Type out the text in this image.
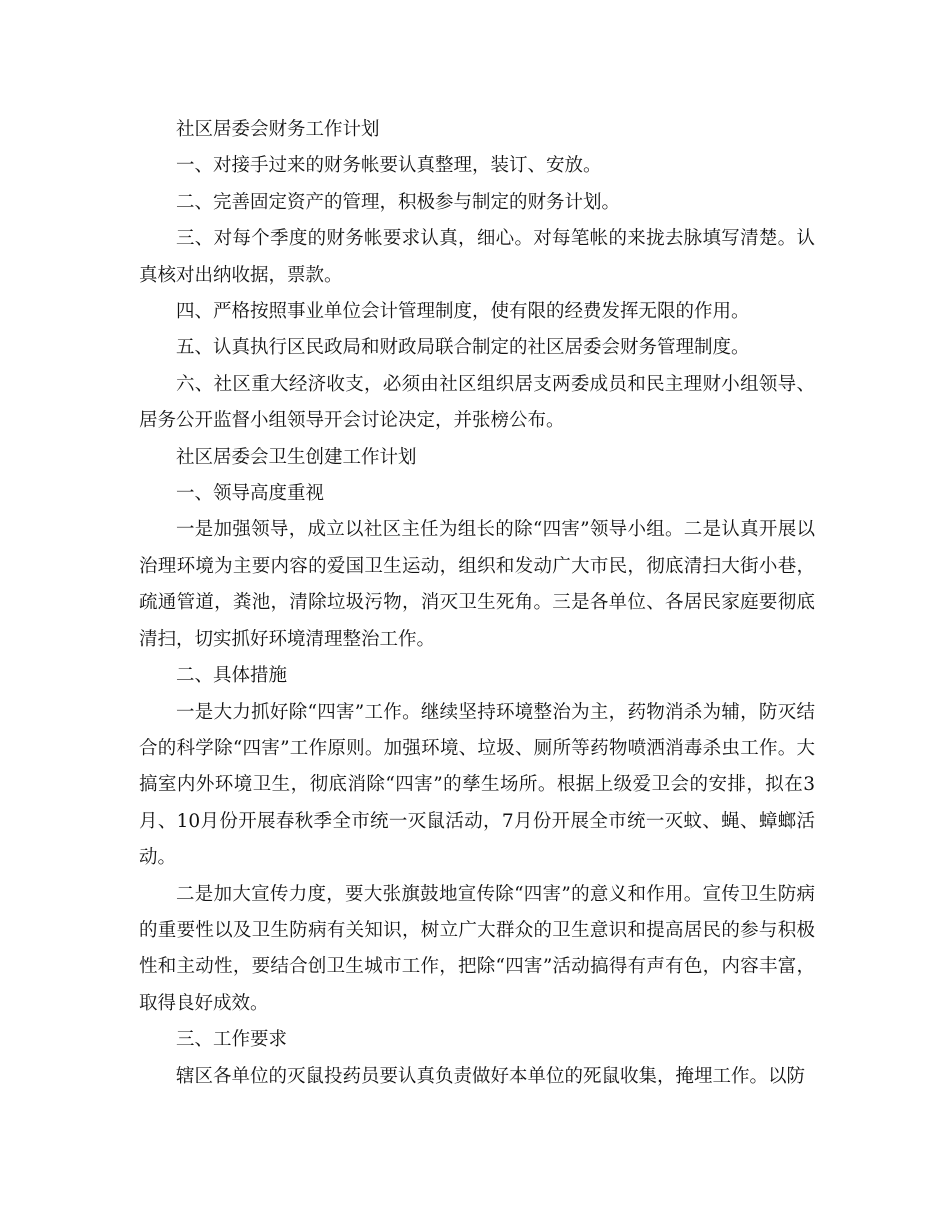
社区居委会财务工作计划

一、对接手过来的财务帐要认真整理，装订、安放。

二、完善固定资产的管理，积极参与制定的财务计划。

三、对每个季度的财务帐要求认真，细心。对每笔帐的来拢去脉填写清楚。认真核对出纳收据，票款。

四、严格按照事业单位会计管理制度，使有限的经费发挥无限的作用。

五、认真执行区民政局和财政局联合制定的社区居委会财务管理制度。

六、社区重大经济收支，必须由社区组织居支两委成员和民主理财小组领导、居务公开监督小组领导开会讨论决定，并张榜公布。

社区居委会卫生创建工作计划

一、领导高度重视

一是加强领导，成立以社区主任为组长的除“四害”领导小组。二是认真开展以治理环境为主要内容的爱国卫生运动，组织和发动广大市民，彻底清扫大街小巷，疏通管道，粪池，清除垃圾污物，消灭卫生死角。三是各单位、各居民家庭要彻底清扫，切实抓好环境清理整治工作。

二、具体措施

一是大力抓好除“四害”工作。继续坚持环境整治为主，药物消杀为辅，防灭结合的科学除“四害”工作原则。加强环境、垃圾、厕所等药物喷洒消毒杀虫工作。大搞室内外环境卫生，彻底消除“四害”的孳生场所。根据上级爱卫会的安排，拟在3月、10月份开展春秋季全市统一灭鼠活动，7月份开展全市统一灭蚊、蝇、蟑螂活动。

二是加大宣传力度，要大张旗鼓地宣传除“四害”的意义和作用。宣传卫生防病的重要性以及卫生防病有关知识，树立广大群众的卫生意识和提高居民的参与积极性和主动性，要结合创卫生城市工作，把除“四害”活动搞得有声有色，内容丰富，取得良好成效。

三、工作要求

辖区各单位的灭鼠投药员要认真负责做好本单位的死鼠收集，掩埋工作。以防
